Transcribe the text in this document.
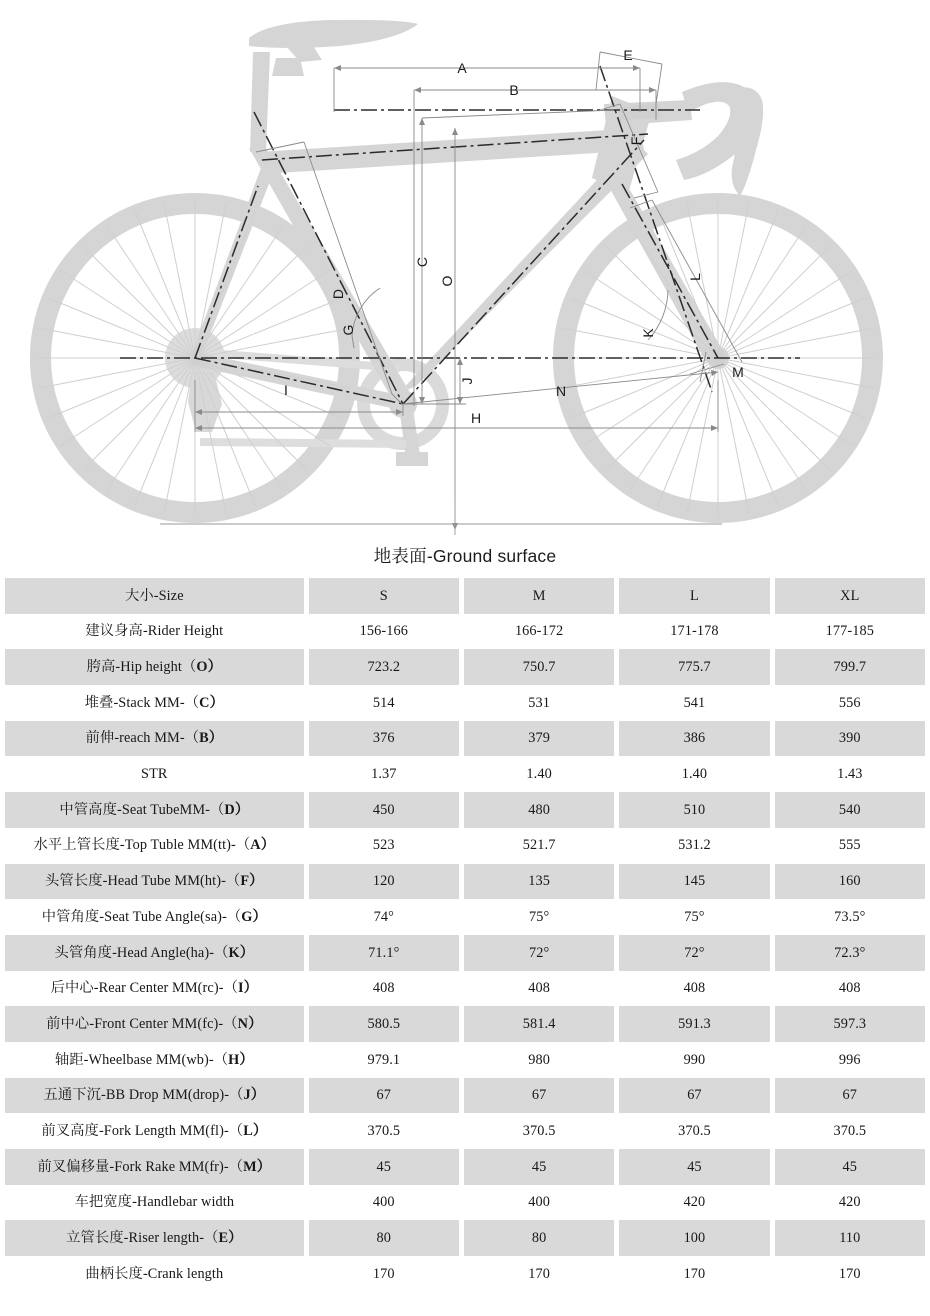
A
B
C
O
D
E
F
G
H
I
J
K
L
M
N
地表面-Ground surface
大小-Size	S	M	L	XL
建议身高-Rider Height	156-166	166-172	171-178	177-185
胯高-Hip height（O）	723.2	750.7	775.7	799.7
堆叠-Stack MM-（C）	514	531	541	556
前伸-reach MM-（B）	376	379	386	390
STR	1.37	1.40	1.40	1.43
中管高度-Seat TubeMM-（D）	450	480	510	540
水平上管长度-Top Tuble MM(tt)-（A）	523	521.7	531.2	555
头管长度-Head Tube MM(ht)-（F）	120	135	145	160
中管角度-Seat Tube Angle(sa)-（G）	74°	75°	75°	73.5°
头管角度-Head Angle(ha)-（K）	71.1°	72°	72°	72.3°
后中心-Rear Center MM(rc)-（I）	408	408	408	408
前中心-Front Center MM(fc)-（N）	580.5	581.4	591.3	597.3
轴距-Wheelbase MM(wb)-（H）	979.1	980	990	996
五通下沉-BB Drop MM(drop)-（J）	67	67	67	67
前叉高度-Fork Length MM(fl)-（L）	370.5	370.5	370.5	370.5
前叉偏移量-Fork Rake MM(fr)-（M）	45	45	45	45
车把宽度-Handlebar width	400	400	420	420
立管长度-Riser length-（E）	80	80	100	110
曲柄长度-Crank length	170	170	170	170
